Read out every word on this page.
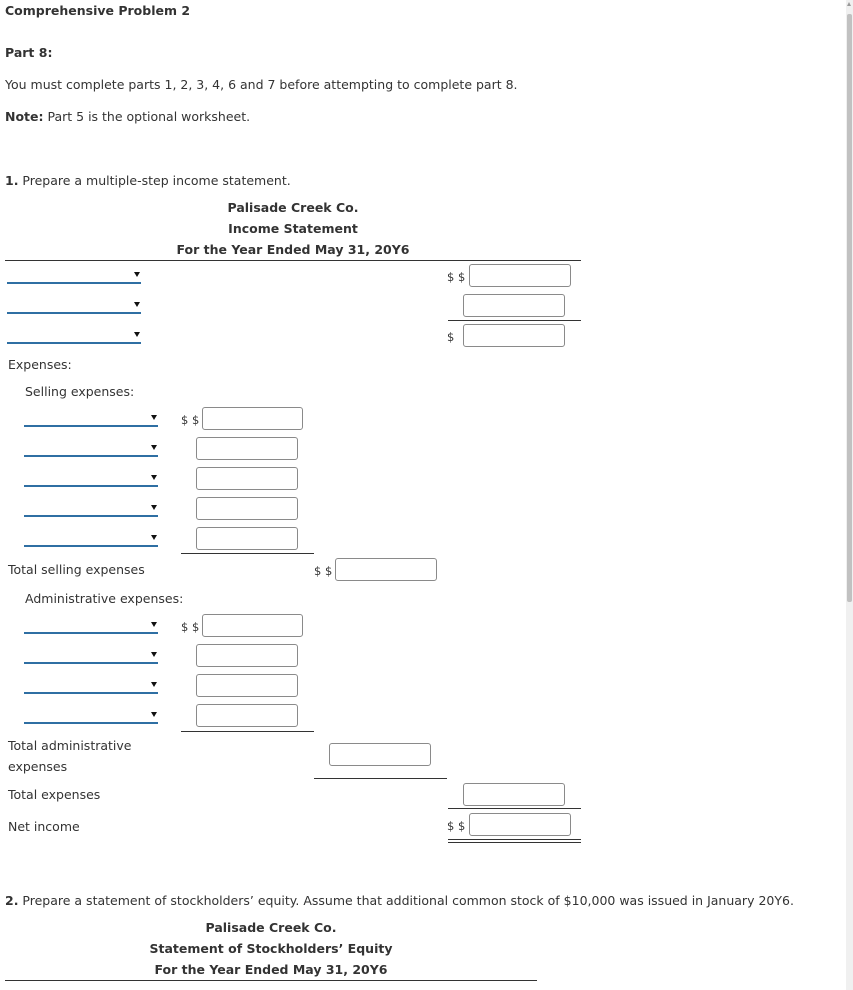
Comprehensive Problem 2
Part 8:
You must complete parts 1, 2, 3, 4, 6 and 7 before attempting to complete part 8.
Note: Part 5 is the optional worksheet.
1. Prepare a multiple-step income statement.
Palisade Creek Co.
Income Statement
For the Year Ended May 31, 20Y6
$ $
$
Expenses:
Selling expenses:
$ $
Total selling expenses	$ $
Administrative expenses:
$ $
Total administrative
expenses
Total expenses
Net income	$ $
2. Prepare a statement of stockholders’ equity. Assume that additional common stock of $10,000 was issued in January 20Y6.
Palisade Creek Co.
Statement of Stockholders’ Equity
For the Year Ended May 31, 20Y6
